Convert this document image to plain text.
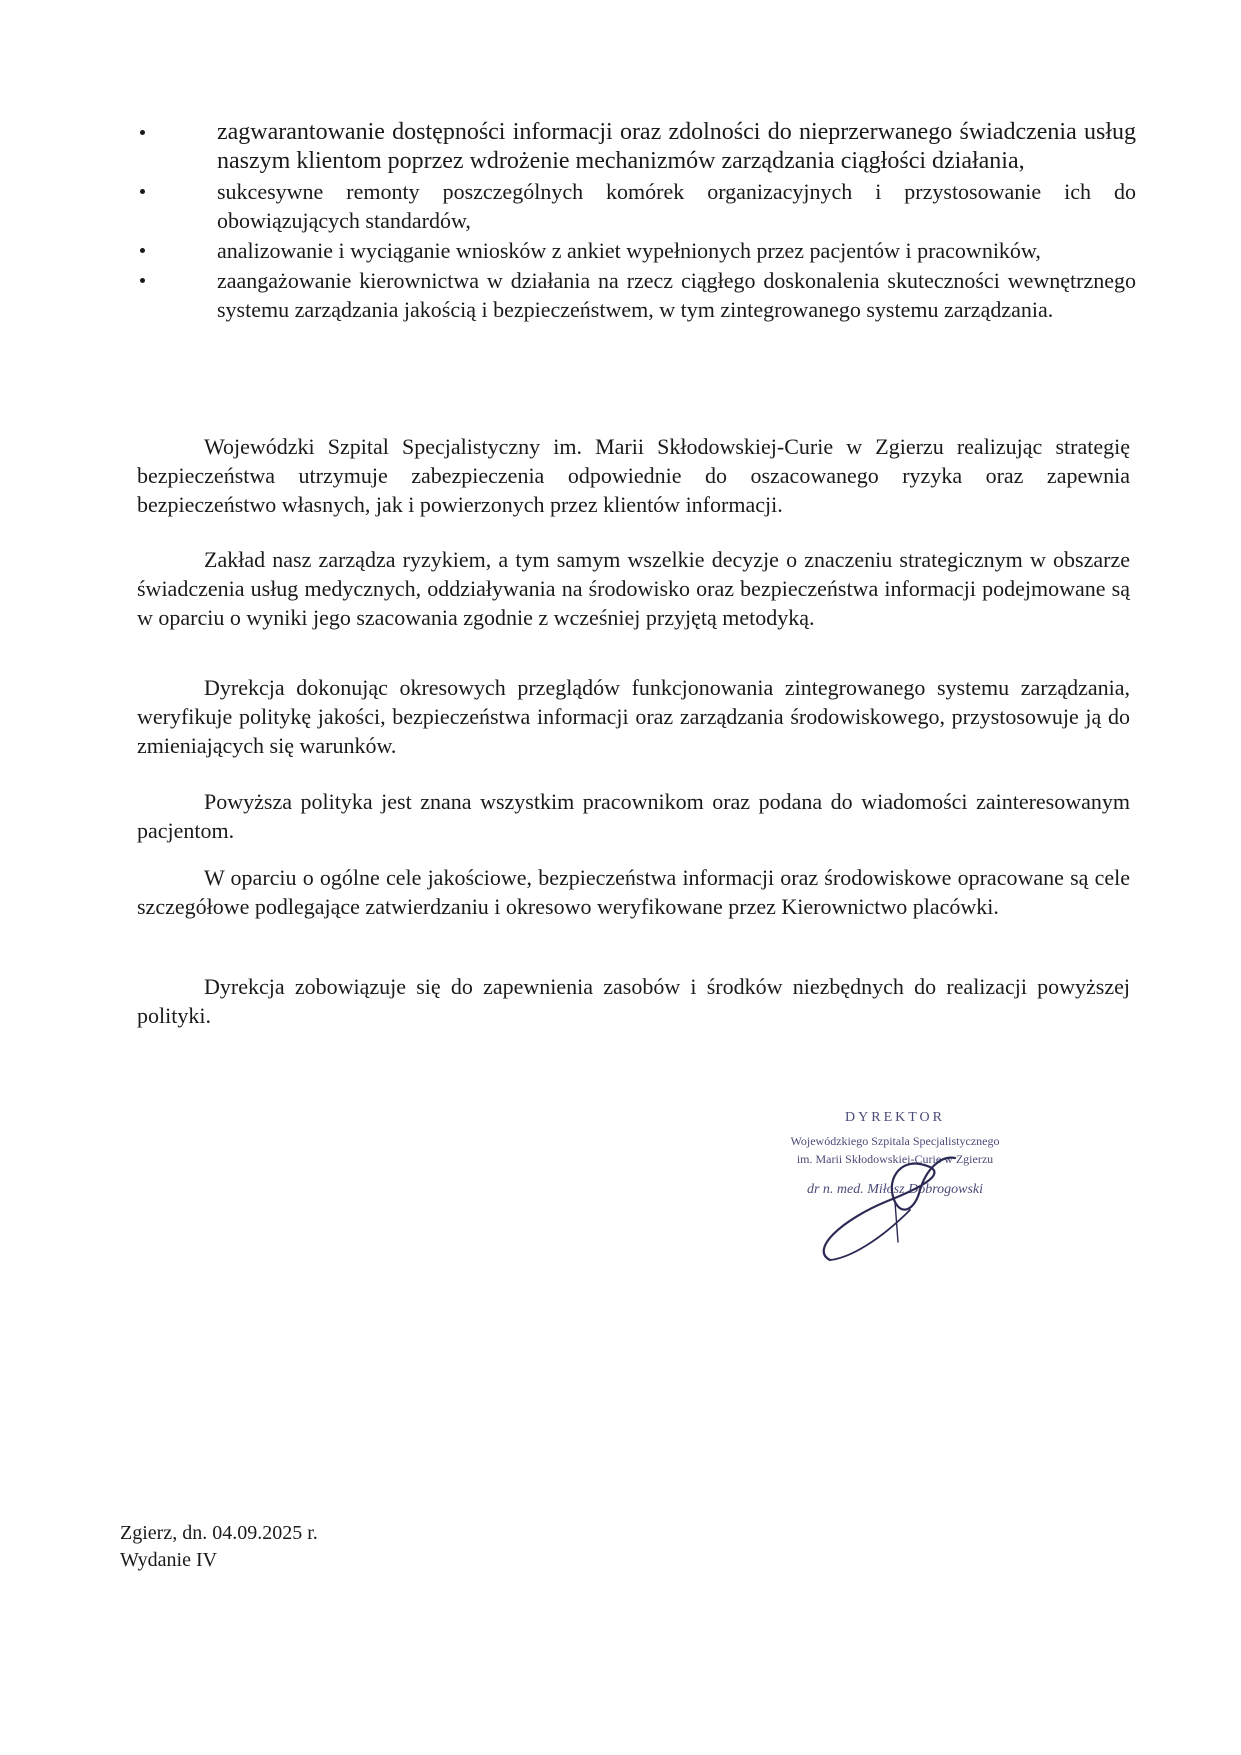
zagwarantowanie dostępności informacji oraz zdolności do nieprzerwanego świadczenia usług naszym klientom poprzez wdrożenie mechanizmów zarządzania ciągłości działania,
sukcesywne remonty poszczególnych komórek organizacyjnych i przystosowanie ich do obowiązujących standardów,
analizowanie i wyciąganie wniosków z ankiet wypełnionych przez pacjentów i pracowników,
zaangażowanie kierownictwa w działania na rzecz ciągłego doskonalenia skuteczności wewnętrznego systemu zarządzania jakością i bezpieczeństwem, w tym zintegrowanego systemu zarządzania.

Wojewódzki Szpital Specjalistyczny im. Marii Skłodowskiej-Curie w Zgierzu realizując strategię bezpieczeństwa utrzymuje zabezpieczenia odpowiednie do oszacowanego ryzyka oraz zapewnia bezpieczeństwo własnych, jak i powierzonych przez klientów informacji.

Zakład nasz zarządza ryzykiem, a tym samym wszelkie decyzje o znaczeniu strategicznym w obszarze świadczenia usług medycznych, oddziaływania na środowisko oraz bezpieczeństwa informacji podejmowane są w oparciu o wyniki jego szacowania zgodnie z wcześniej przyjętą metodyką.

Dyrekcja dokonując okresowych przeglądów funkcjonowania zintegrowanego systemu zarządzania, weryfikuje politykę jakości, bezpieczeństwa informacji oraz zarządzania środowiskowego, przystosowuje ją do zmieniających się warunków.

Powyższa polityka jest znana wszystkim pracownikom oraz podana do wiadomości zainteresowanym pacjentom.

W oparciu o ogólne cele jakościowe, bezpieczeństwa informacji oraz środowiskowe opracowane są cele szczegółowe podlegające zatwierdzaniu i okresowo weryfikowane przez Kierownictwo placówki.

Dyrekcja zobowiązuje się do zapewnienia zasobów i środków niezbędnych do realizacji powyższej polityki.

DYREKTOR
Wojewódzkiego Szpitala Specjalistycznego
im. Marii Skłodowskiej-Curie w Zgierzu
dr n. med. Miłosz Dobrogowski
Zgierz, dn. 04.09.2025 r.
Wydanie IV
